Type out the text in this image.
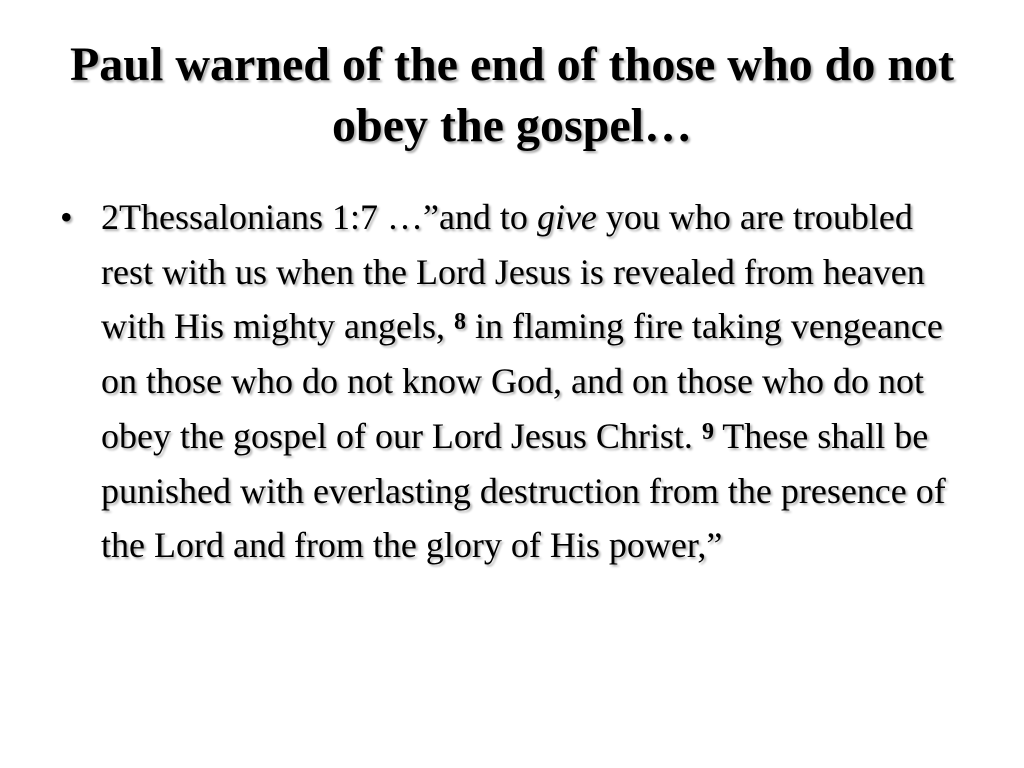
Paul warned of the end of those who do not obey the gospel…
• 2Thessalonians 1:7 …”and to give you who are troubled rest with us when the Lord Jesus is revealed from heaven with His mighty angels, $^8$ in flaming fire taking vengeance on those who do not know God, and on those who do not obey the gospel of our Lord Jesus Christ. $^9$ These shall be punished with everlasting destruction from the presence of the Lord and from the glory of His power,”
